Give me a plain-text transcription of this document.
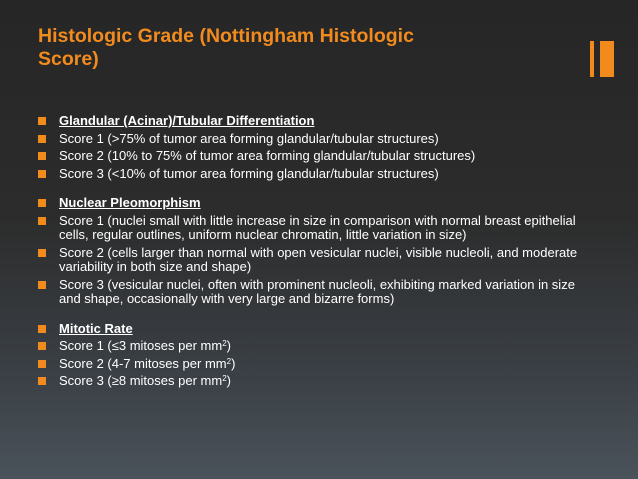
Histologic Grade (Nottingham Histologic Score)
Glandular (Acinar)/Tubular Differentiation
Score 1 (>75% of tumor area forming glandular/tubular structures)
Score 2 (10% to 75% of tumor area forming glandular/tubular structures)
Score 3 (<10% of tumor area forming glandular/tubular structures)
Nuclear Pleomorphism
Score 1 (nuclei small with little increase in size in comparison with normal breast epithelial cells, regular outlines, uniform nuclear chromatin, little variation in size)
Score 2 (cells larger than normal with open vesicular nuclei, visible nucleoli, and moderate variability in both size and shape)
Score 3 (vesicular nuclei, often with prominent nucleoli, exhibiting marked variation in size and shape, occasionally with very large and bizarre forms)
Mitotic Rate
Score 1 (≤3 mitoses per $mm^2$)
Score 2 (4-7 mitoses per $mm^2$)
Score 3 (≥8 mitoses per $mm^2$)
